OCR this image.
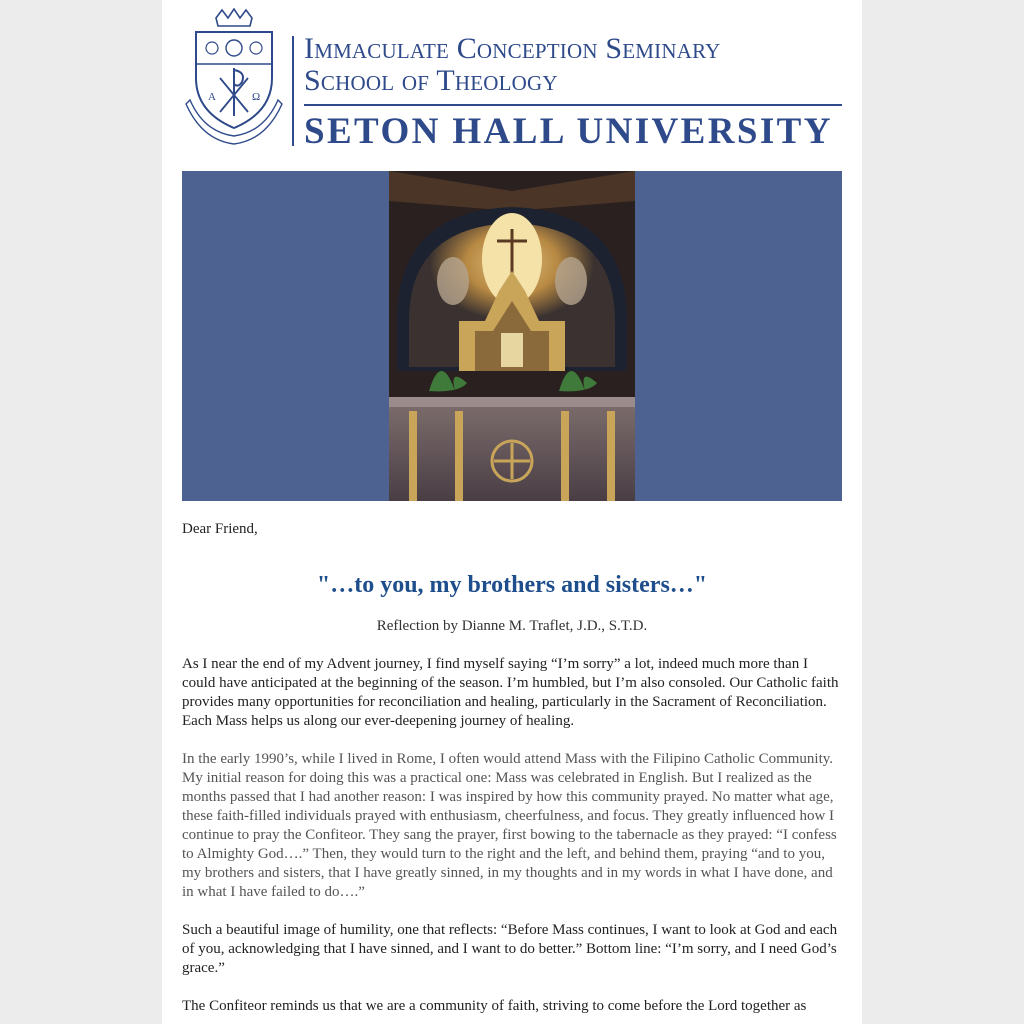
A	Ω
Immaculate Conception Seminary
School of Theology
SETON HALL UNIVERSITY

Dear Friend,

"…to you, my brothers and sisters…"

Reflection by Dianne M. Traflet, J.D., S.T.D.

As I near the end of my Advent journey, I find myself saying “I’m sorry” a lot, indeed much more than I could have anticipated at the beginning of the season. I’m humbled, but I’m also consoled. Our Catholic faith provides many opportunities for reconciliation and healing, particularly in the Sacrament of Reconciliation. Each Mass helps us along our ever-deepening journey of healing.

In the early 1990’s, while I lived in Rome, I often would attend Mass with the Filipino Catholic Community. My initial reason for doing this was a practical one: Mass was celebrated in English. But I realized as the months passed that I had another reason: I was inspired by how this community prayed. No matter what age, these faith-filled individuals prayed with enthusiasm, cheerfulness, and focus. They greatly influenced how I continue to pray the Confiteor. They sang the prayer, first bowing to the tabernacle as they prayed: “I confess to Almighty God….” Then, they would turn to the right and the left, and behind them, praying “and to you, my brothers and sisters, that I have greatly sinned, in my thoughts and in my words in what I have done, and in what I have failed to do….”

Such a beautiful image of humility, one that reflects: “Before Mass continues, I want to look at God and each of you, acknowledging that I have sinned, and I want to do better.” Bottom line: “I’m sorry, and I need God’s grace.”

The Confiteor reminds us that we are a community of faith, striving to come before the Lord together as
